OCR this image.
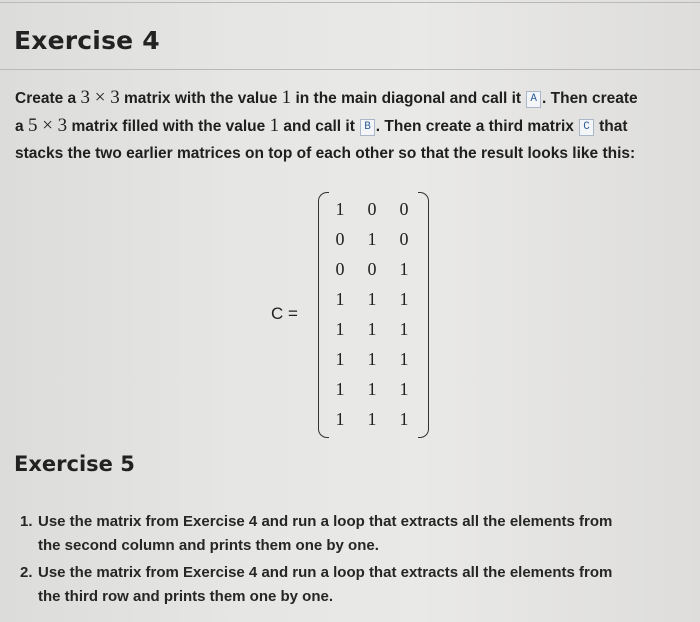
Exercise 4
Create a 3 × 3 matrix with the value 1 in the main diagonal and call it A . Then create
a 5 × 3 matrix filled with the value 1 and call it B . Then create a third matrix C that
stacks the two earlier matrices on top of each other so that the result looks like this:
C =
1	0	0
0	1	0
0	0	1
1	1	1
1	1	1
1	1	1
1	1	1
1	1	1
Exercise 5
1. Use the matrix from Exercise 4 and run a loop that extracts all the elements from
the second column and prints them one by one.
2. Use the matrix from Exercise 4 and run a loop that extracts all the elements from
the third row and prints them one by one.
